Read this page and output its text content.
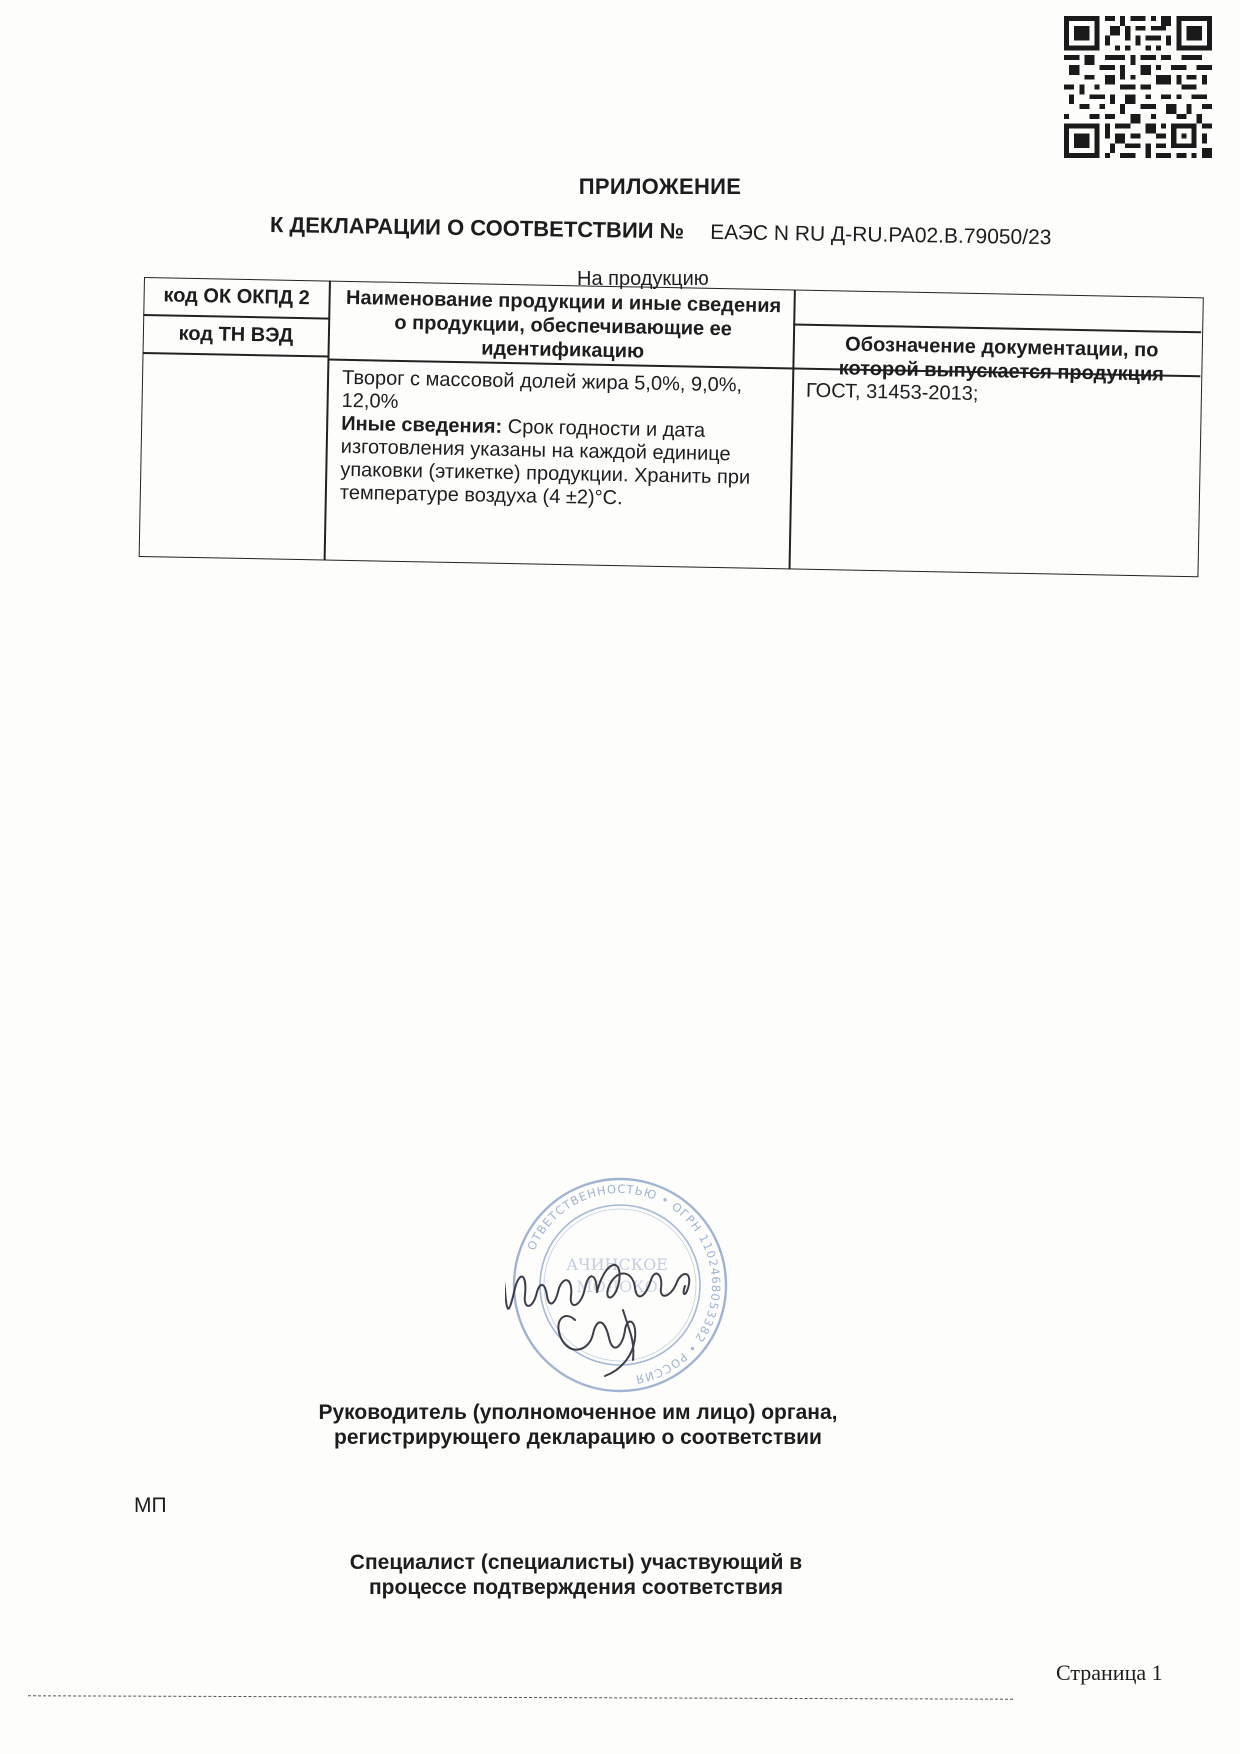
ПРИЛОЖЕНИЕ
К ДЕКЛАРАЦИИ О СООТВЕТСТВИИ № ЕАЭС N RU Д-RU.PA02.B.79050/23
На продукцию
код ОК ОКПД 2
код ТН ВЭД
Наименование продукции и иные сведения о продукции, обеспечивающие ее идентификацию	Обозначение документации, по которой выпускается продукция
Творог с массовой долей жира 5,0%, 9,0%, 12,0%
Иные сведения: Срок годности и дата изготовления указаны на каждой единице упаковки (этикетке) продукции. Хранить при температуре воздуха (4 ±2)°С.
ГОСТ, 31453-2013;
ОТВЕТСТВЕННОСТЬЮ • ОГРН 1102468053382 • РОССИЯ
АЧИНСКОЕ
МОЛОКО
Руководитель (уполномоченное им лицо) органа, регистрирующего декларацию о соответствии
МП
Специалист (специалисты) участвующий в процессе подтверждения соответствия
Страница 1
